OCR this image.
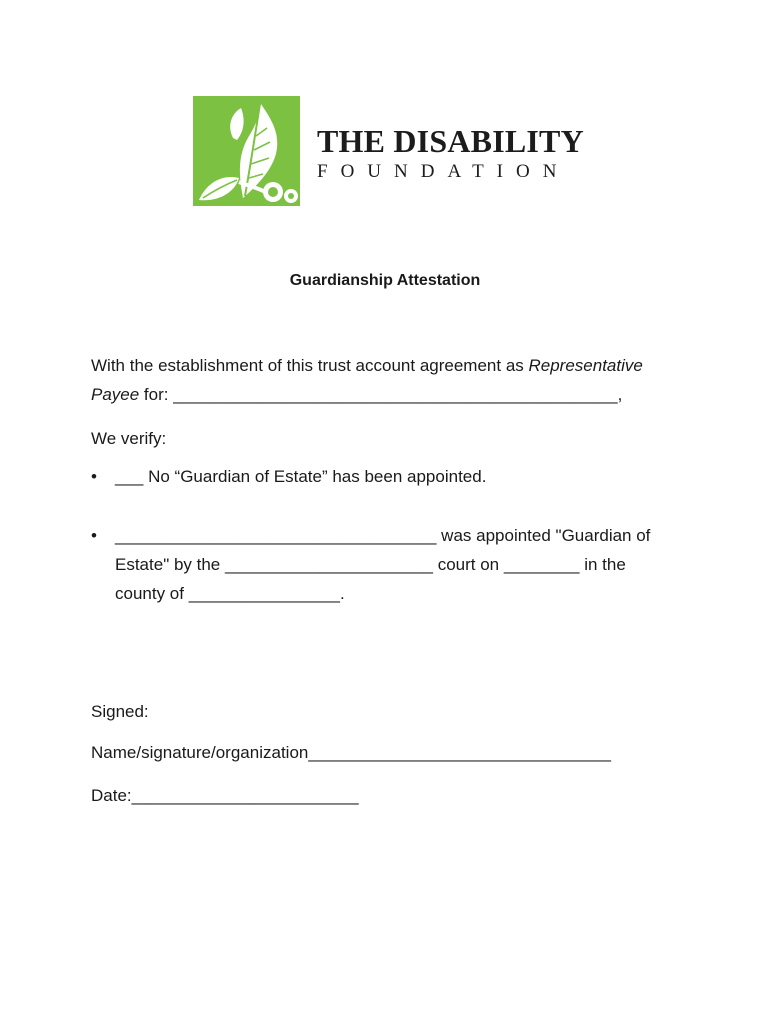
THE DISABILITY
FOUNDATION
Guardianship Attestation
With the establishment of this trust account agreement as Representative
Payee for: _______________________________________________,
We verify:
• ___ No “Guardian of Estate” has been appointed.
• __________________________________ was appointed "Guardian of
Estate" by the ______________________ court on ________ in the
county of ________________.
Signed:
Name/signature/organization________________________________
Date:________________________
